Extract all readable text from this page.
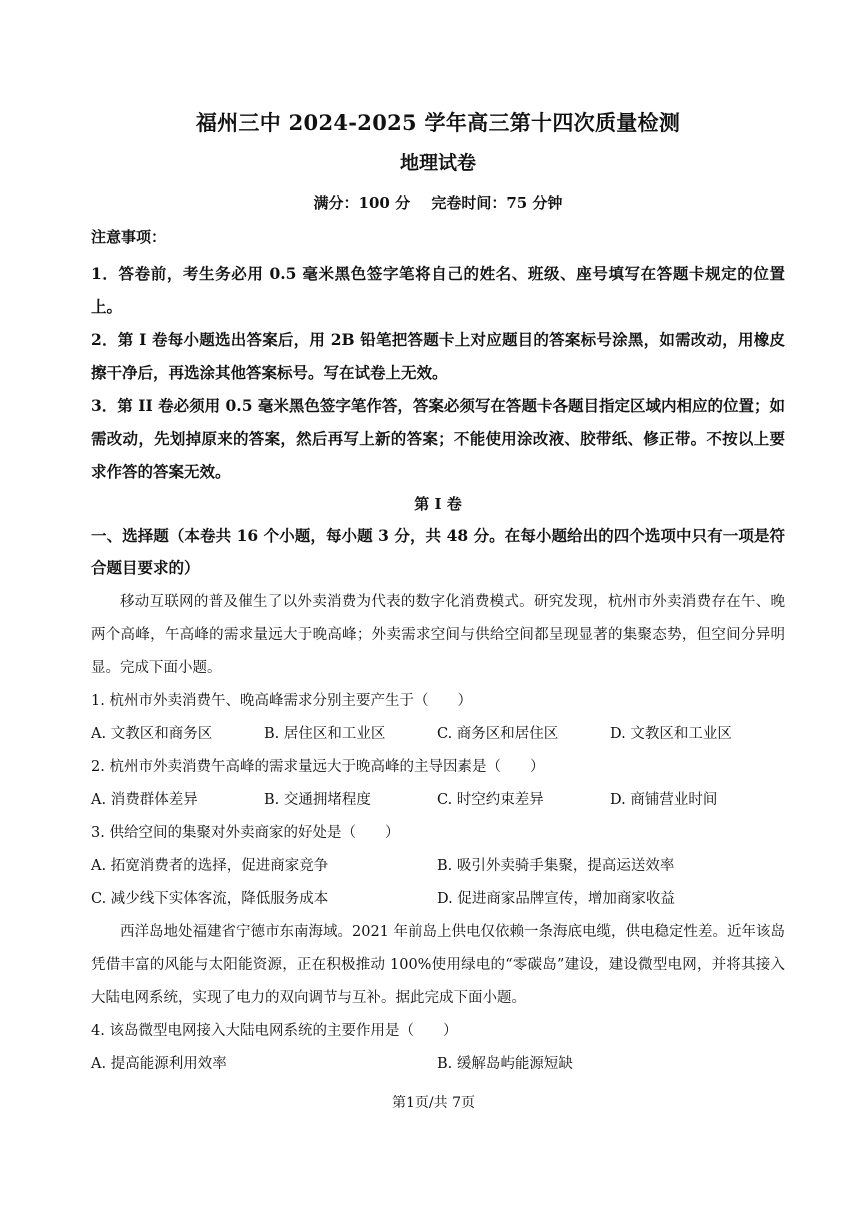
福州三中 2024-2025 学年高三第十四次质量检测
地理试卷
满分：100 分 完卷时间：75 分钟
注意事项：

1．答卷前，考生务必用 0.5 毫米黑色签字笔将自己的姓名、班级、座号填写在答题卡规定的位置上。

2．第 I 卷每小题选出答案后，用 2B 铅笔把答题卡上对应题目的答案标号涂黑，如需改动，用橡皮擦干净后，再选涂其他答案标号。写在试卷上无效。

3．第 II 卷必须用 0.5 毫米黑色签字笔作答，答案必须写在答题卡各题目指定区域内相应的位置；如需改动，先划掉原来的答案，然后再写上新的答案；不能使用涂改液、胶带纸、修正带。不按以上要求作答的答案无效。

第 I 卷
一、选择题（本卷共 16 个小题，每小题 3 分，共 48 分。在每小题给出的四个选项中只有一项是符合题目要求的）

移动互联网的普及催生了以外卖消费为代表的数字化消费模式。研究发现，杭州市外卖消费存在午、晚两个高峰，午高峰的需求量远大于晚高峰；外卖需求空间与供给空间都呈现显著的集聚态势，但空间分异明显。完成下面小题。

1. 杭州市外卖消费午、晚高峰需求分别主要产生于（　　）
A. 文教区和商务区	B. 居住区和工业区	C. 商务区和居住区	D. 文教区和工业区
2. 杭州市外卖消费午高峰的需求量远大于晚高峰的主导因素是（　　）
A. 消费群体差异	B. 交通拥堵程度	C. 时空约束差异	D. 商铺营业时间
3. 供给空间的集聚对外卖商家的好处是（　　）
A. 拓宽消费者的选择，促进商家竞争	B. 吸引外卖骑手集聚，提高运送效率
C. 减少线下实体客流，降低服务成本	D. 促进商家品牌宣传，增加商家收益

西洋岛地处福建省宁德市东南海域。2021 年前岛上供电仅依赖一条海底电缆，供电稳定性差。近年该岛凭借丰富的风能与太阳能资源，正在积极推动 100%使用绿电的“零碳岛”建设，建设微型电网，并将其接入大陆电网系统，实现了电力的双向调节与互补。据此完成下面小题。

4. 该岛微型电网接入大陆电网系统的主要作用是（　　）
A. 提高能源利用效率	B. 缓解岛屿能源短缺
第1页/共 7页
